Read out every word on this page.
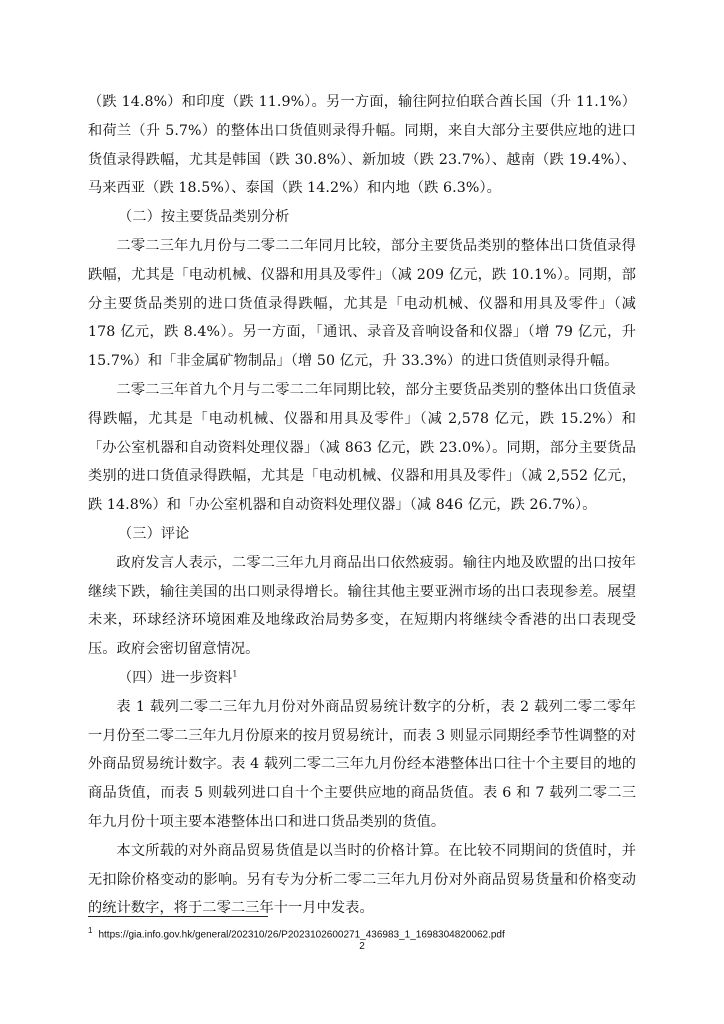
（跌 14.8%）和印度（跌 11.9%）。另一方面，输往阿拉伯联合酋长国（升 11.1%）和荷兰（升 5.7%）的整体出口货值则录得升幅。同期，来自大部分主要供应地的进口货值录得跌幅，尤其是韩国（跌 30.8%）、新加坡（跌 23.7%）、越南（跌 19.4%）、马来西亚（跌 18.5%）、泰国（跌 14.2%）和内地（跌 6.3%）。

（二）按主要货品类别分析

二零二三年九月份与二零二二年同月比较，部分主要货品类别的整体出口货值录得跌幅，尤其是「电动机械、仪器和用具及零件」（减 209 亿元，跌 10.1%）。同期，部分主要货品类别的进口货值录得跌幅，尤其是「电动机械、仪器和用具及零件」（减 178 亿元，跌 8.4%）。另一方面，「通讯、录音及音响设备和仪器」（增 79 亿元，升 15.7%）和「非金属矿物制品」（增 50 亿元，升 33.3%）的进口货值则录得升幅。

二零二三年首九个月与二零二二年同期比较，部分主要货品类别的整体出口货值录得跌幅，尤其是「电动机械、仪器和用具及零件」（减 2,578 亿元，跌 15.2%）和「办公室机器和自动资料处理仪器」（减 863 亿元，跌 23.0%）。同期，部分主要货品类别的进口货值录得跌幅，尤其是「电动机械、仪器和用具及零件」（减 2,552 亿元，跌 14.8%）和「办公室机器和自动资料处理仪器」（减 846 亿元，跌 26.7%）。

（三）评论

政府发言人表示，二零二三年九月商品出口依然疲弱。输往内地及欧盟的出口按年继续下跌，输往美国的出口则录得增长。输往其他主要亚洲市场的出口表现参差。展望未来，环球经济环境困难及地缘政治局势多变，在短期内将继续令香港的出口表现受压。政府会密切留意情况。

（四）进一步资料$^1$

表 1 载列二零二三年九月份对外商品贸易统计数字的分析，表 2 载列二零二零年一月份至二零二三年九月份原来的按月贸易统计，而表 3 则显示同期经季节性调整的对外商品贸易统计数字。表 4 载列二零二三年九月份经本港整体出口往十个主要目的地的商品货值，而表 5 则载列进口自十个主要供应地的商品货值。表 6 和 7 载列二零二三年九月份十项主要本港整体出口和进口货品类别的货值。

本文所载的对外商品贸易货值是以当时的价格计算。在比较不同期间的货值时，并无扣除价格变动的影响。另有专为分析二零二三年九月份对外商品贸易货量和价格变动的统计数字，将于二零二三年十一月中发表。

$^1$ https://gia.info.gov.hk/general/202310/26/P2023102600271_436983_1_1698304820062.pdf
2
